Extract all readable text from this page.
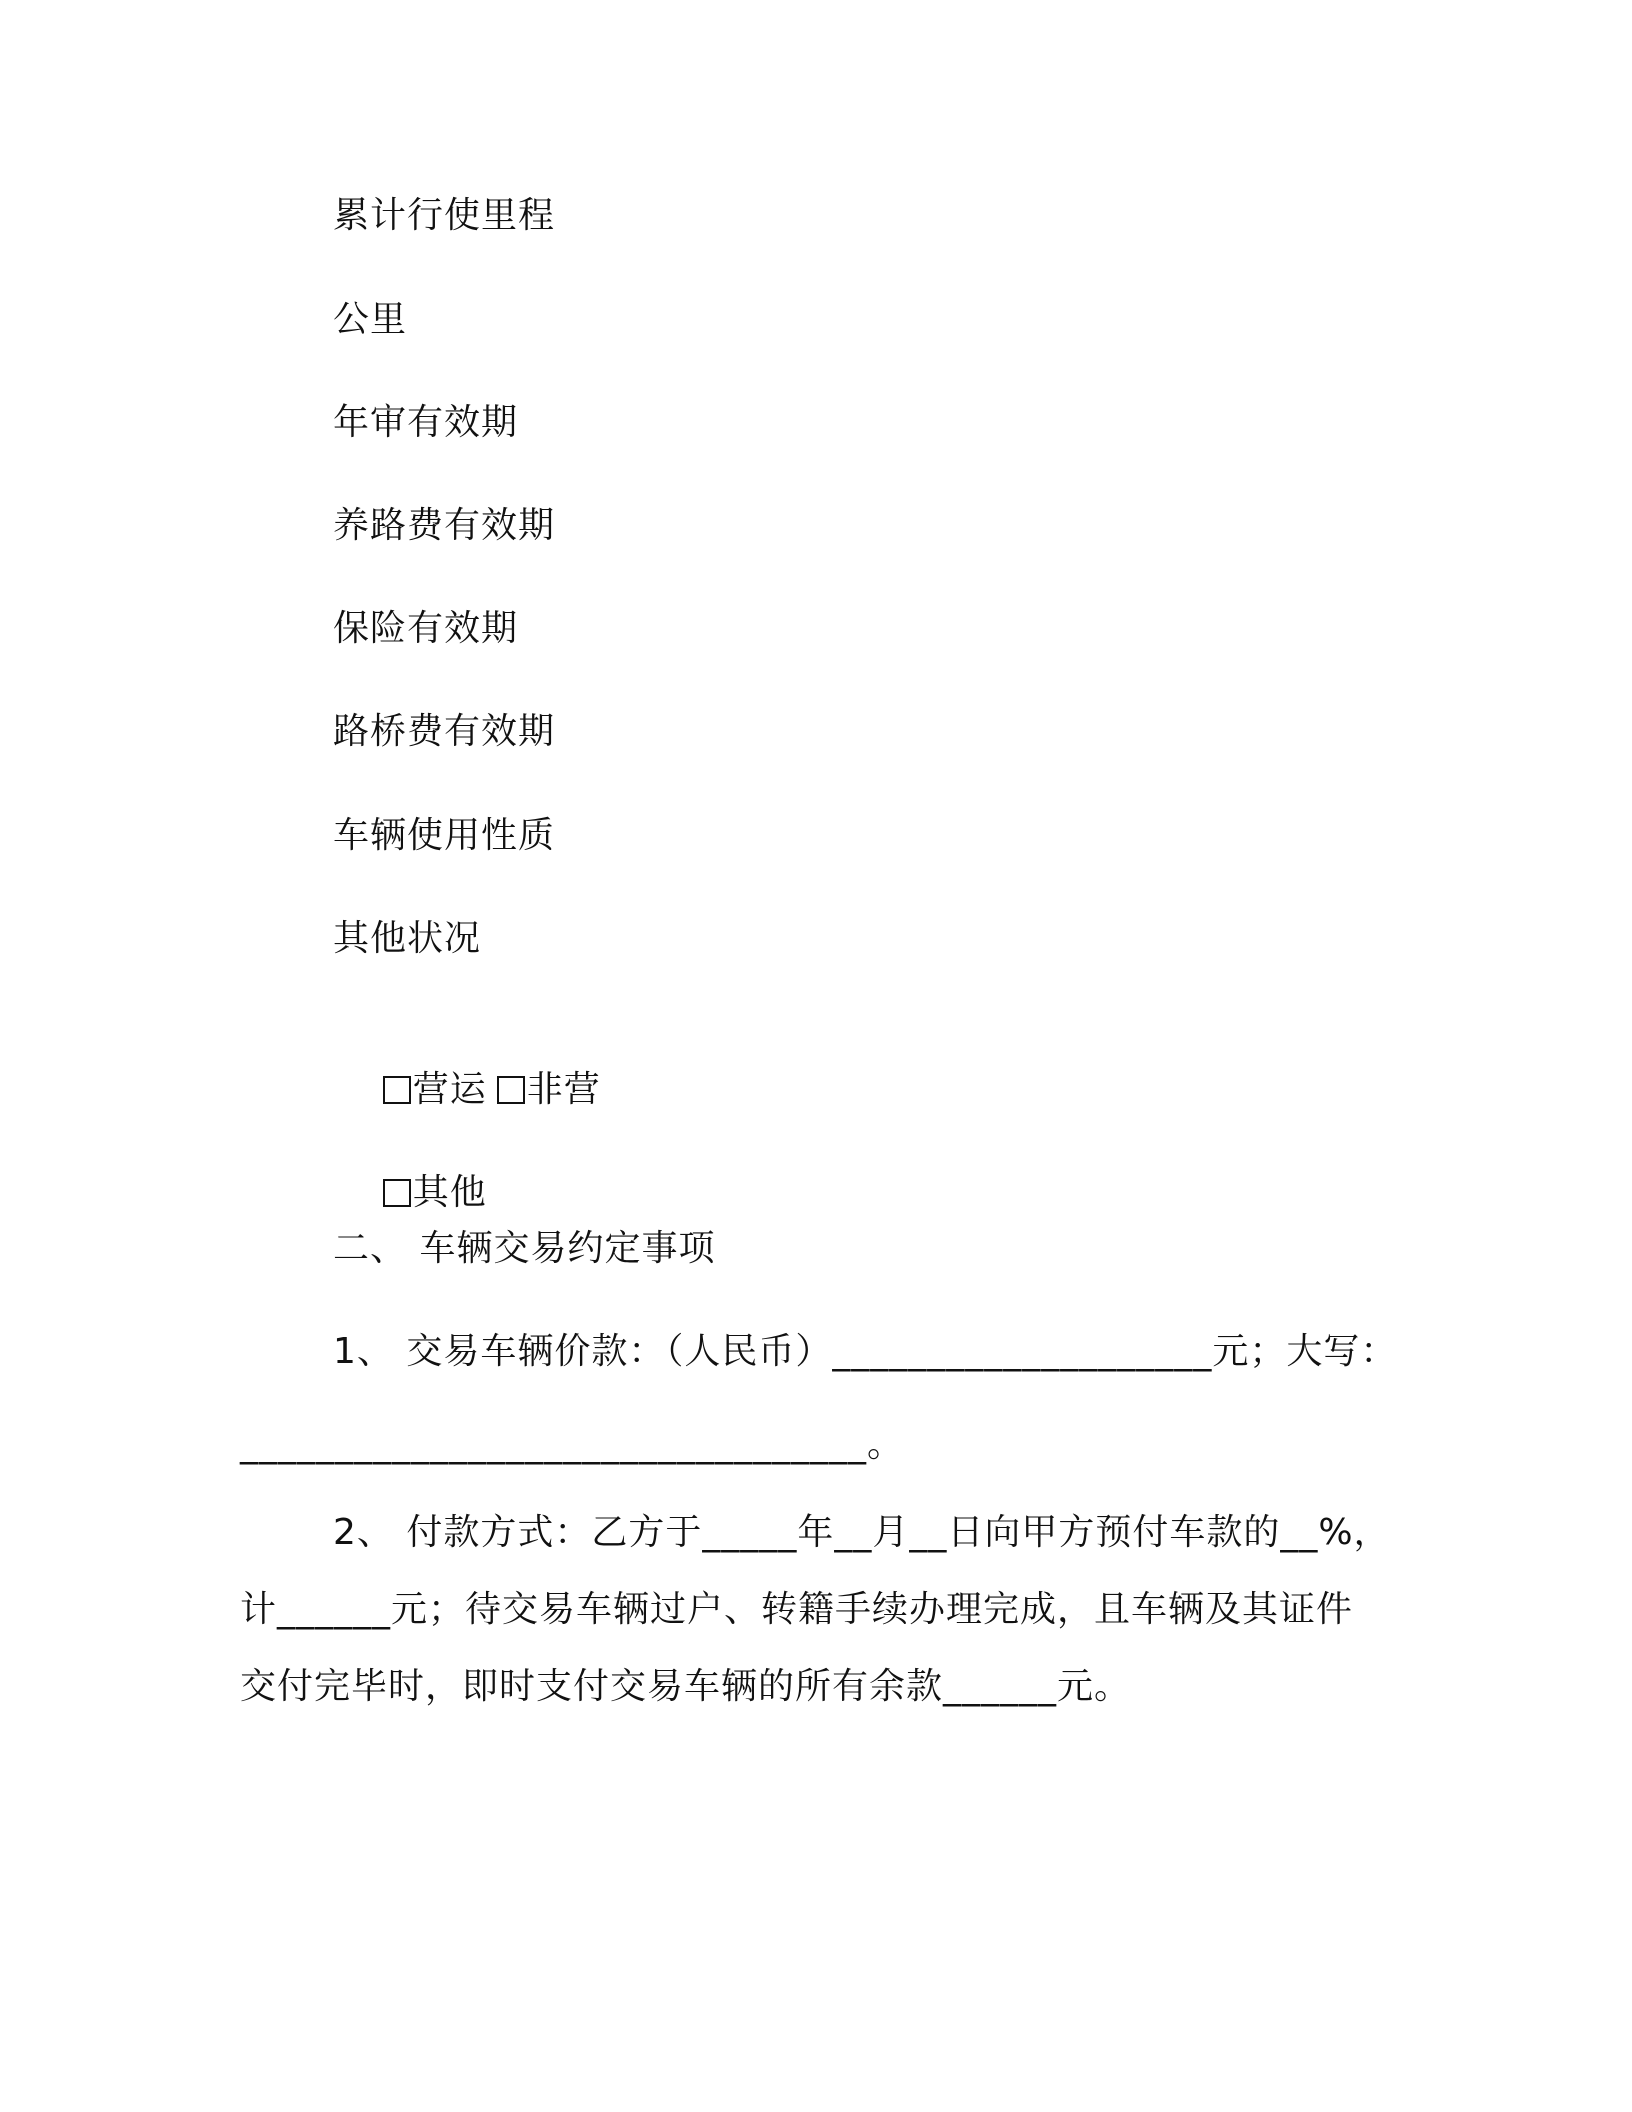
累计行使里程
公里
年审有效期
养路费有效期
保险有效期
路桥费有效期
车辆使用性质
其他状况

营运 非营

其他

二、 车辆交易约定事项
1、 交易车辆价款：（人民币）____________________元；大写：
_________________________________。
2、 付款方式：乙方于_____年__月__日向甲方预付车款的__%，
计______元；待交易车辆过户、转籍手续办理完成，且车辆及其证件
交付完毕时，即时支付交易车辆的所有余款______元。
